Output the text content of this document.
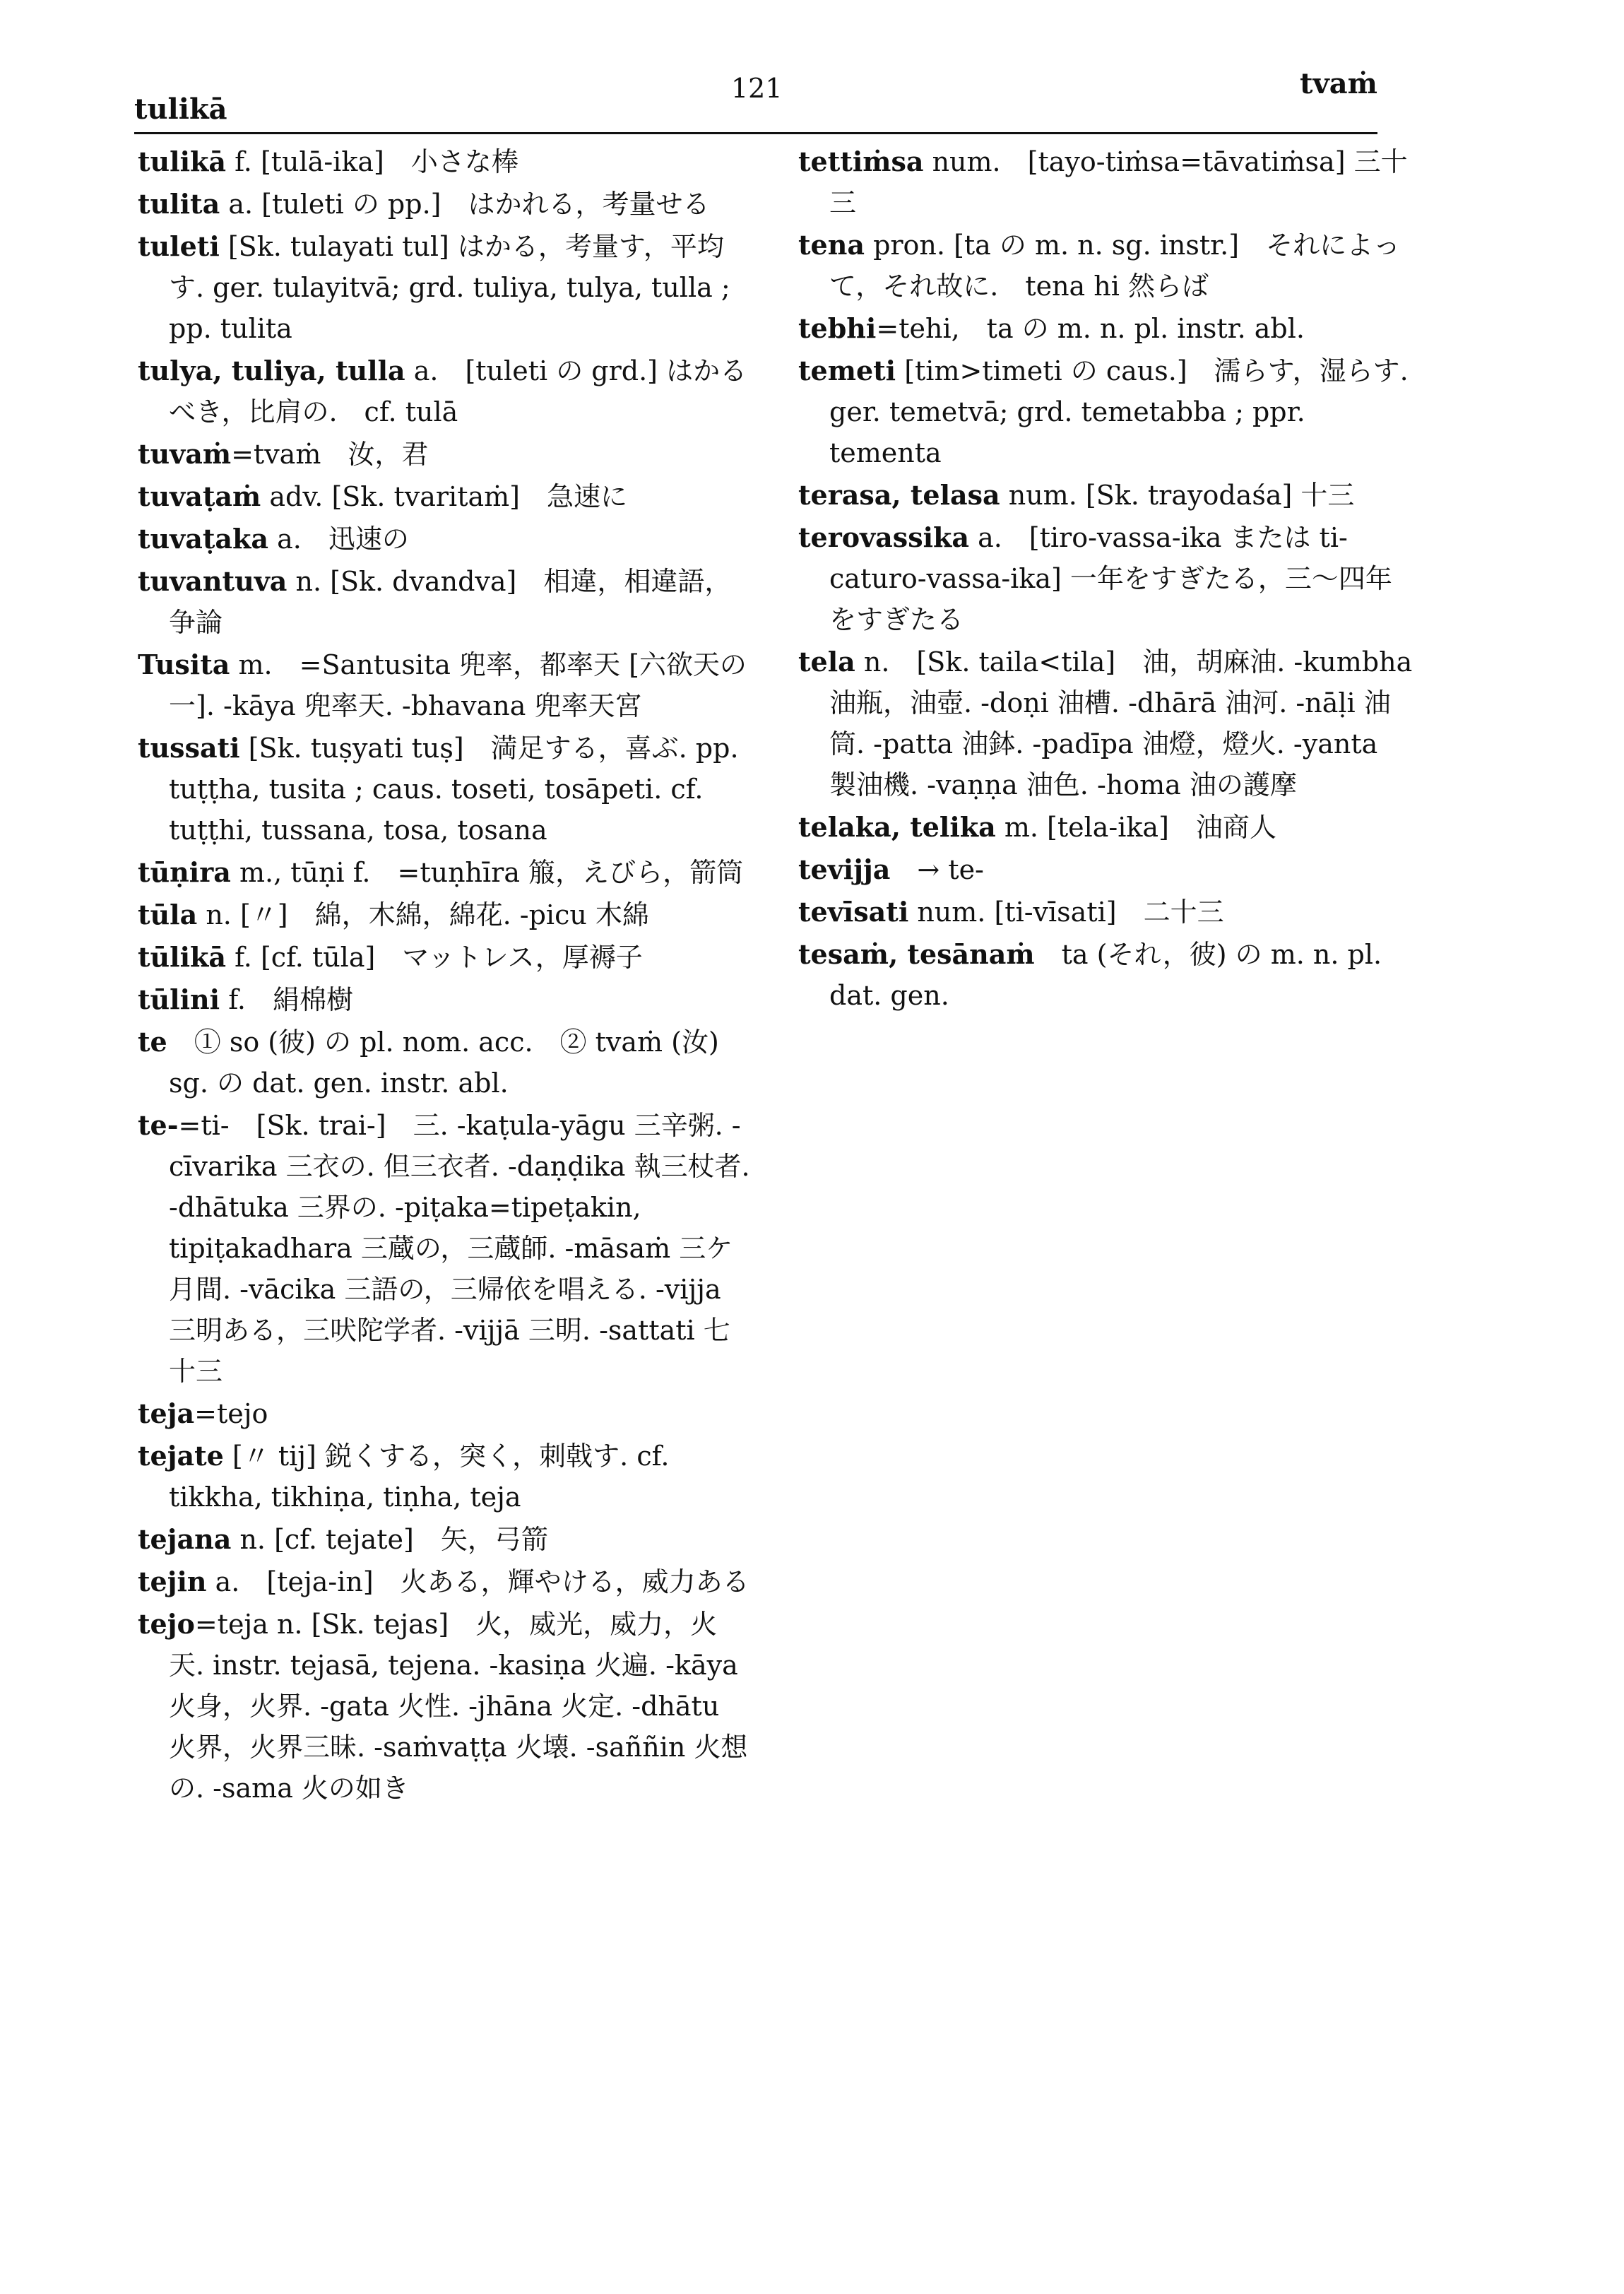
tulikā
121	tvaṁ
tulikā f. [tulā-ika]　小さな棒
tulita a. [tuleti の pp.]　はかれる，考量せる
tuleti [Sk. tulayati tul] はかる，考量す，平均す. ger. tulayitvā; grd. tuliya, tulya, tulla ; pp. tulita
tulya, tuliya, tulla a.　[tuleti の grd.] はかるべき，比肩の.　cf. tulā
tuvaṁ=tvaṁ　汝，君
tuvaṭaṁ adv. [Sk. tvaritaṁ]　急速に
tuvaṭaka a.　迅速の
tuvantuva n. [Sk. dvandva]　相違，相違語，争論
Tusita m.　=Santusita 兜率，都率天 [六欲天の一]. -kāya 兜率天. -bhavana 兜率天宮
tussati [Sk. tuṣyati tuṣ]　満足する，喜ぶ. pp. tuṭṭha, tusita ; caus. toseti, tosāpeti. cf. tuṭṭhi, tussana, tosa, tosana
tūṇira m., tūṇi f.　=tuṇhīra 箙，えびら，箭筒
tūla n. [〃]　綿，木綿，綿花. -picu 木綿
tūlikā f. [cf. tūla]　マットレス，厚褥子
tūlini f.　絹棉樹
te　① so (彼) の pl. nom. acc.　② tvaṁ (汝) sg. の dat. gen. instr. abl.
te-=ti-　[Sk. trai-]　三. -kaṭula-yāgu 三辛粥. -cīvarika 三衣の. 但三衣者. -daṇḍika 執三杖者. -dhātuka 三界の. -piṭaka=tipeṭakin, tipiṭakadhara 三蔵の，三蔵師. -māsaṁ 三ケ月間. -vācika 三語の，三帰依を唱える. -vijja 三明ある，三吠陀学者. -vijjā 三明. -sattati 七十三
teja=tejo
tejate [〃 tij] 鋭くする，突く，刺戟す. cf. tikkha, tikhiṇa, tiṇha, teja
tejana n. [cf. tejate]　矢，弓箭
tejin a.　[teja-in]　火ある，輝やける，威力ある
tejo=teja n. [Sk. tejas]　火，威光，威力，火天. instr. tejasā, tejena. -kasiṇa 火遍. -kāya 火身，火界. -gata 火性. -jhāna 火定. -dhātu 火界，火界三昧. -saṁvaṭṭa 火壊. -saññin 火想の. -sama 火の如き
tettiṁsa num.　[tayo-tiṁsa=tāvatiṁsa] 三十三
tena pron. [ta の m. n. sg. instr.]　それによって，それ故に.　tena hi 然らば
tebhi=tehi,　ta の m. n. pl. instr. abl.
temeti [tim>timeti の caus.]　濡らす，湿らす. ger. temetvā; grd. temetabba ; ppr. tementa
terasa, telasa num. [Sk. trayodaśa] 十三
terovassika a.　[tiro-vassa-ika または ti-caturo-vassa-ika] 一年をすぎたる，三～四年をすぎたる
tela n.　[Sk. taila<tila]　油，胡麻油. -kumbha 油瓶，油壺. -doṇi 油槽. -dhārā 油河. -nāḷi 油筒. -patta 油鉢. -padīpa 油燈，燈火. -yanta 製油機. -vaṇṇa 油色. -homa 油の護摩
telaka, telika m. [tela-ika]　油商人
tevijja　→ te-
tevīsati num. [ti-vīsati]　二十三
tesaṁ, tesānaṁ　ta (それ，彼) の m. n. pl. dat. gen.
